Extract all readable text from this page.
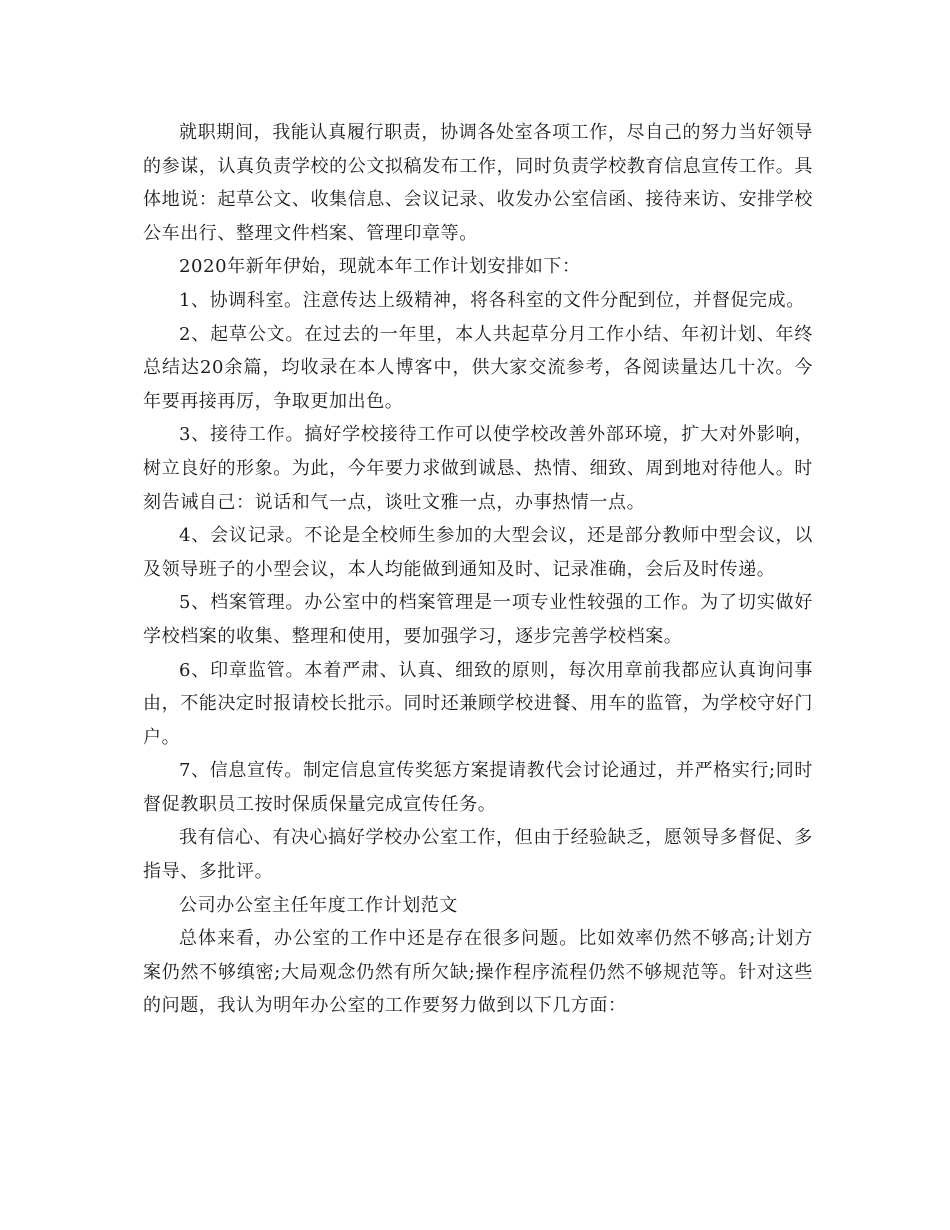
就职期间，我能认真履行职责，协调各处室各项工作，尽自己的努力当好领导的参谋，认真负责学校的公文拟稿发布工作，同时负责学校教育信息宣传工作。具体地说：起草公文、收集信息、会议记录、收发办公室信函、接待来访、安排学校公车出行、整理文件档案、管理印章等。

2020年新年伊始，现就本年工作计划安排如下：

1、协调科室。注意传达上级精神，将各科室的文件分配到位，并督促完成。

2、起草公文。在过去的一年里，本人共起草分月工作小结、年初计划、年终总结达20余篇，均收录在本人博客中，供大家交流参考，各阅读量达几十次。今年要再接再厉，争取更加出色。

3、接待工作。搞好学校接待工作可以使学校改善外部环境，扩大对外影响，树立良好的形象。为此，今年要力求做到诚恳、热情、细致、周到地对待他人。时刻告诫自己：说话和气一点，谈吐文雅一点，办事热情一点。

4、会议记录。不论是全校师生参加的大型会议，还是部分教师中型会议，以及领导班子的小型会议，本人均能做到通知及时、记录准确，会后及时传递。

5、档案管理。办公室中的档案管理是一项专业性较强的工作。为了切实做好学校档案的收集、整理和使用，要加强学习，逐步完善学校档案。

6、印章监管。本着严肃、认真、细致的原则，每次用章前我都应认真询问事由，不能决定时报请校长批示。同时还兼顾学校进餐、用车的监管，为学校守好门户。

7、信息宣传。制定信息宣传奖惩方案提请教代会讨论通过，并严格实行;同时督促教职员工按时保质保量完成宣传任务。

我有信心、有决心搞好学校办公室工作，但由于经验缺乏，愿领导多督促、多指导、多批评。

公司办公室主任年度工作计划范文

总体来看，办公室的工作中还是存在很多问题。比如效率仍然不够高;计划方案仍然不够缜密;大局观念仍然有所欠缺;操作程序流程仍然不够规范等。针对这些的问题，我认为明年办公室的工作要努力做到以下几方面：
